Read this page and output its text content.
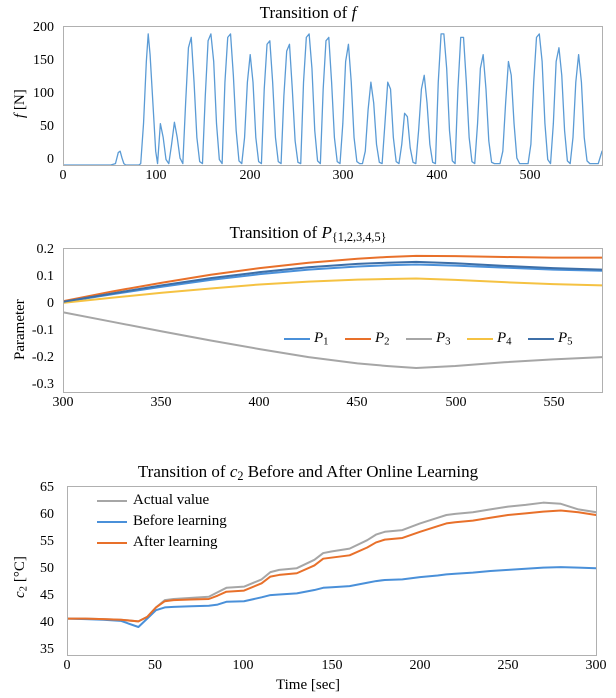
Transition of f
f [N]
200
150
100
50
0
0	100	200	300	400	500
Transition of $P_{\{1,2,3,4,5\}}$
Parameter
0.2
0.1
0
-0.1
-0.2
-0.3
300	350	400	450	500	550
$P_1$	$P_2$	$P_3$	$P_4$	$P_5$
Transition of $c_2$ Before and After Online Learning
$c_2$ [°C]
65
60
55
50
45
40
35
0	50	100	150	200	250	300
Time [sec]
Actual value
Before learning
After learning
